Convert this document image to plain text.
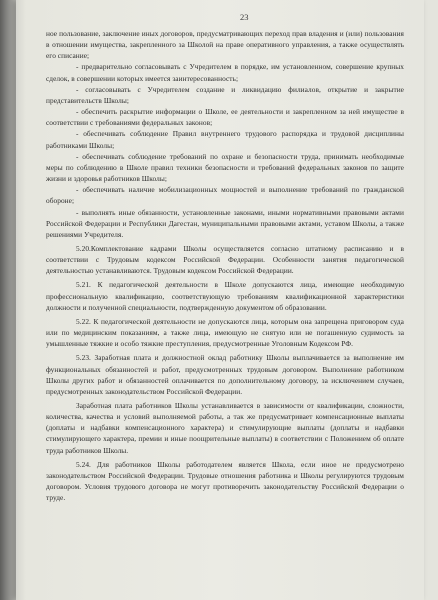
23

ное пользование, заключение иных договоров, предусматривающих переход прав владения и (или) пользования в отношении имущества, закрепленного за Школой на праве оперативного управления, а также осуществлять его списание;

- предварительно согласовывать с Учредителем в порядке, им установленном, совершение крупных сделок, в совершении которых имеется заинтересованность;

- согласовывать с Учредителем создание и ликвидацию филиалов, открытие и закрытие представительств Школы;

- обеспечить раскрытие информации о Школе, ее деятельности и закрепленном за ней имуществе в соответствии с требованиями федеральных законов;

- обеспечивать соблюдение Правил внутреннего трудового распорядка и трудовой дисциплины работниками Школы;

- обеспечивать соблюдение требований по охране и безопасности труда, принимать необходимые меры по соблюдению в Школе правил техники безопасности и требований федеральных законов по защите жизни и здоровья работников Школы;

- обеспечивать наличие мобилизационных мощностей и выполнение требований по гражданской обороне;

- выполнять иные обязанности, установленные законами, иными нормативными правовыми актами Российской Федерации и Республики Дагестан, муниципальными правовыми актами, уставом Школы, а также решениями Учредителя.

5.20.Комплектование кадрами Школы осуществляется согласно штатному расписанию и в соответствии с Трудовым кодексом Российской Федерации. Особенности занятия педагогической деятельностью устанавливаются. Трудовым кодексом Российской Федерации.

5.21. К педагогической деятельности в Школе допускаются лица, имеющие необходимую профессиональную квалификацию, соответствующую требованиям квалификационной характеристики должности и полученной специальности, подтвержденную документом об образовании.

5.22. К педагогической деятельности не допускаются лица, которым она запрещена приговором суда или по медицинским показаниям, а также лица, имеющую не снятую или не погашенную судимость за умышленные тяжкие и особо тяжкие преступления, предусмотренные Уголовным Кодексом РФ.

5.23. Заработная плата и должностной оклад работнику Школы выплачивается за выполнение им функциональных обязанностей и работ, предусмотренных трудовым договором. Выполнение работником Школы других работ и обязанностей оплачивается по дополнительному договору, за исключением случаев, предусмотренных законодательством Российской Федерации.

Заработная плата работников Школы устанавливается в зависимости от квалификации, сложности, количества, качества и условий выполняемой работы, а так же предусматривает компенсационные выплаты (доплаты и надбавки компенсационного характера) и стимулирующие выплаты (доплаты и надбавки стимулирующего характера, премии и иные поощрительные выплаты) в соответствии с Положением об оплате труда работников Школы.

5.24. Для работников Школы работодателем является Школа, если иное не предусмотрено законодательством Российской Федерации. Трудовые отношения работника и Школы регулируются трудовым договором. Условия трудового договора не могут противоречить законодательству Российской Федерации о труде.
